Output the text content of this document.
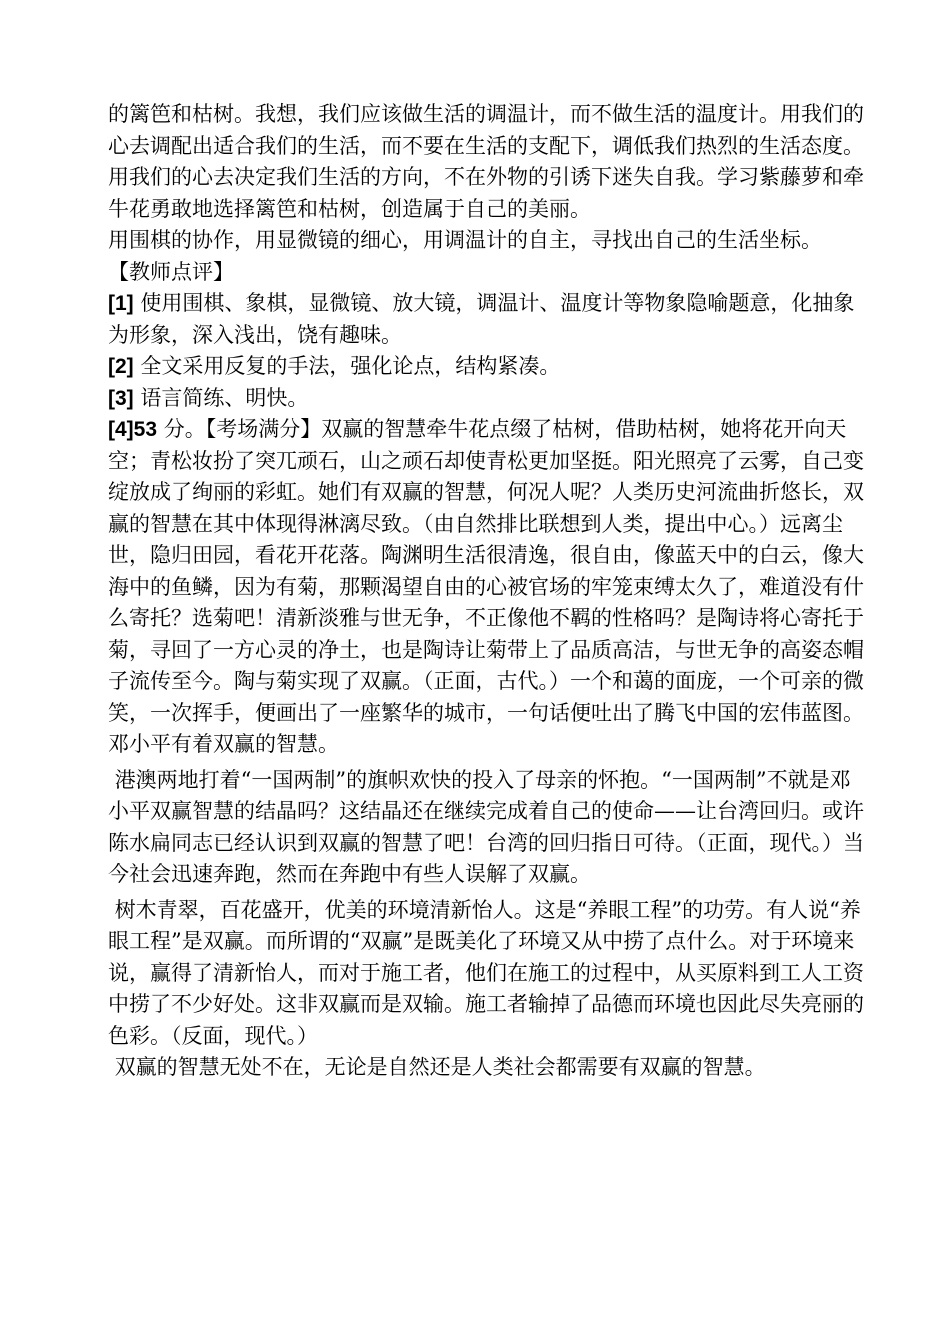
的篱笆和枯树。我想，我们应该做生活的调温计，而不做生活的温度计。用我们的心去调配出适合我们的生活，而不要在生活的支配下，调低我们热烈的生活态度。用我们的心去决定我们生活的方向，不在外物的引诱下迷失自我。学习紫藤萝和牵牛花勇敢地选择篱笆和枯树，创造属于自己的美丽。

用围棋的协作，用显微镜的细心，用调温计的自主，寻找出自己的生活坐标。

【教师点评】

[1] 使用围棋、象棋，显微镜、放大镜，调温计、温度计等物象隐喻题意，化抽象为形象，深入浅出，饶有趣味。

[2] 全文采用反复的手法，强化论点，结构紧凑。

[3] 语言简练、明快。

[4]53 分。【考场满分】双赢的智慧牵牛花点缀了枯树，借助枯树，她将花开向天空；青松妆扮了突兀顽石，山之顽石却使青松更加坚挺。阳光照亮了云雾，自己变绽放成了绚丽的彩虹。她们有双赢的智慧，何况人呢？人类历史河流曲折悠长，双赢的智慧在其中体现得淋漓尽致。（由自然排比联想到人类，提出中心。）远离尘世，隐归田园，看花开花落。陶渊明生活很清逸，很自由，像蓝天中的白云，像大海中的鱼鳞，因为有菊，那颗渴望自由的心被官场的牢笼束缚太久了，难道没有什么寄托？选菊吧！清新淡雅与世无争，不正像他不羁的性格吗？是陶诗将心寄托于菊，寻回了一方心灵的净土，也是陶诗让菊带上了品质高洁，与世无争的高姿态帽子流传至今。陶与菊实现了双赢。（正面，古代。）一个和蔼的面庞，一个可亲的微笑，一次挥手，便画出了一座繁华的城市，一句话便吐出了腾飞中国的宏伟蓝图。邓小平有着双赢的智慧。

港澳两地打着“一国两制”的旗帜欢快的投入了母亲的怀抱。“一国两制”不就是邓小平双赢智慧的结晶吗？这结晶还在继续完成着自己的使命——让台湾回归。或许陈水扁同志已经认识到双赢的智慧了吧！台湾的回归指日可待。（正面，现代。）当今社会迅速奔跑，然而在奔跑中有些人误解了双赢。

树木青翠，百花盛开，优美的环境清新怡人。这是“养眼工程”的功劳。有人说“养眼工程”是双赢。而所谓的“双赢”是既美化了环境又从中捞了点什么。对于环境来说，赢得了清新怡人，而对于施工者，他们在施工的过程中，从买原料到工人工资中捞了不少好处。这非双赢而是双输。施工者输掉了品德而环境也因此尽失亮丽的色彩。（反面，现代。）

双赢的智慧无处不在，无论是自然还是人类社会都需要有双赢的智慧。
